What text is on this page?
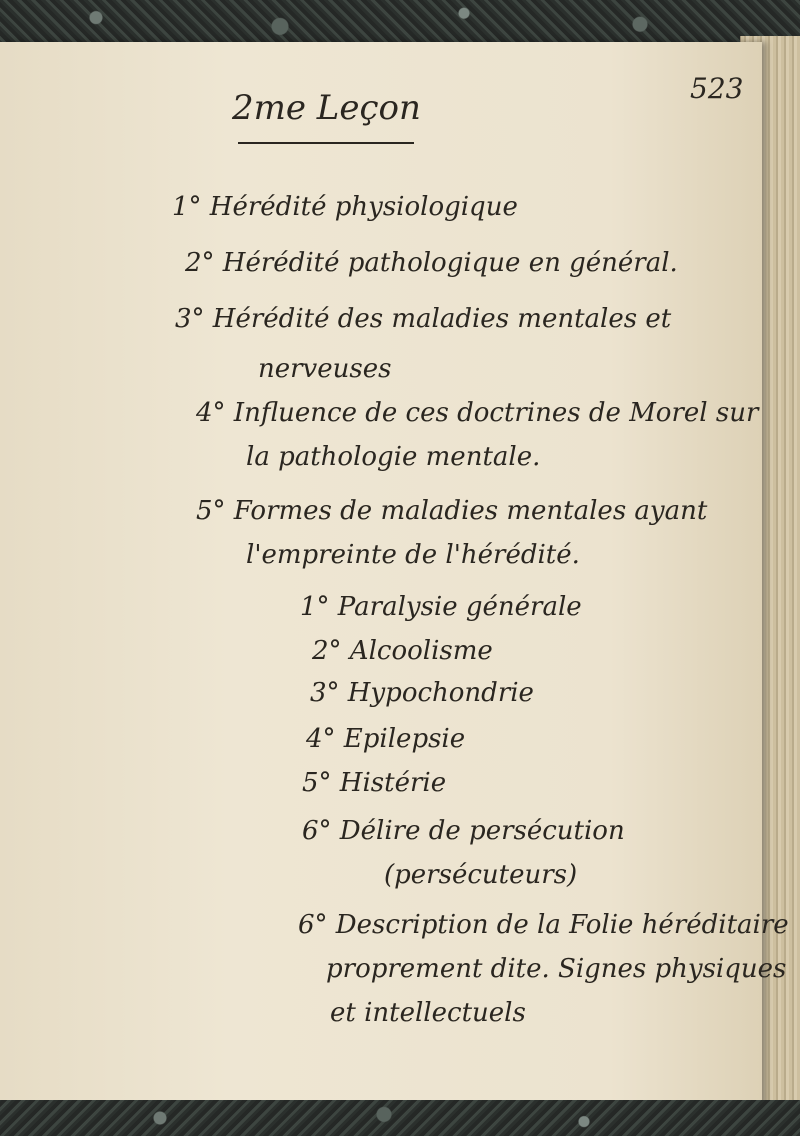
523
2me Leçon
1° Hérédité physiologique
2° Hérédité pathologique en général.
3° Hérédité des maladies mentales et
nerveuses
4° Influence de ces doctrines de Morel sur
la pathologie mentale.
5° Formes de maladies mentales ayant
l'empreinte de l'hérédité.
1° Paralysie générale
2° Alcoolisme
3° Hypochondrie
4° Epilepsie
5° Histérie
6° Délire de persécution
(persécuteurs)
6° Description de la Folie héréditaire
proprement dite. Signes physiques
et intellectuels
